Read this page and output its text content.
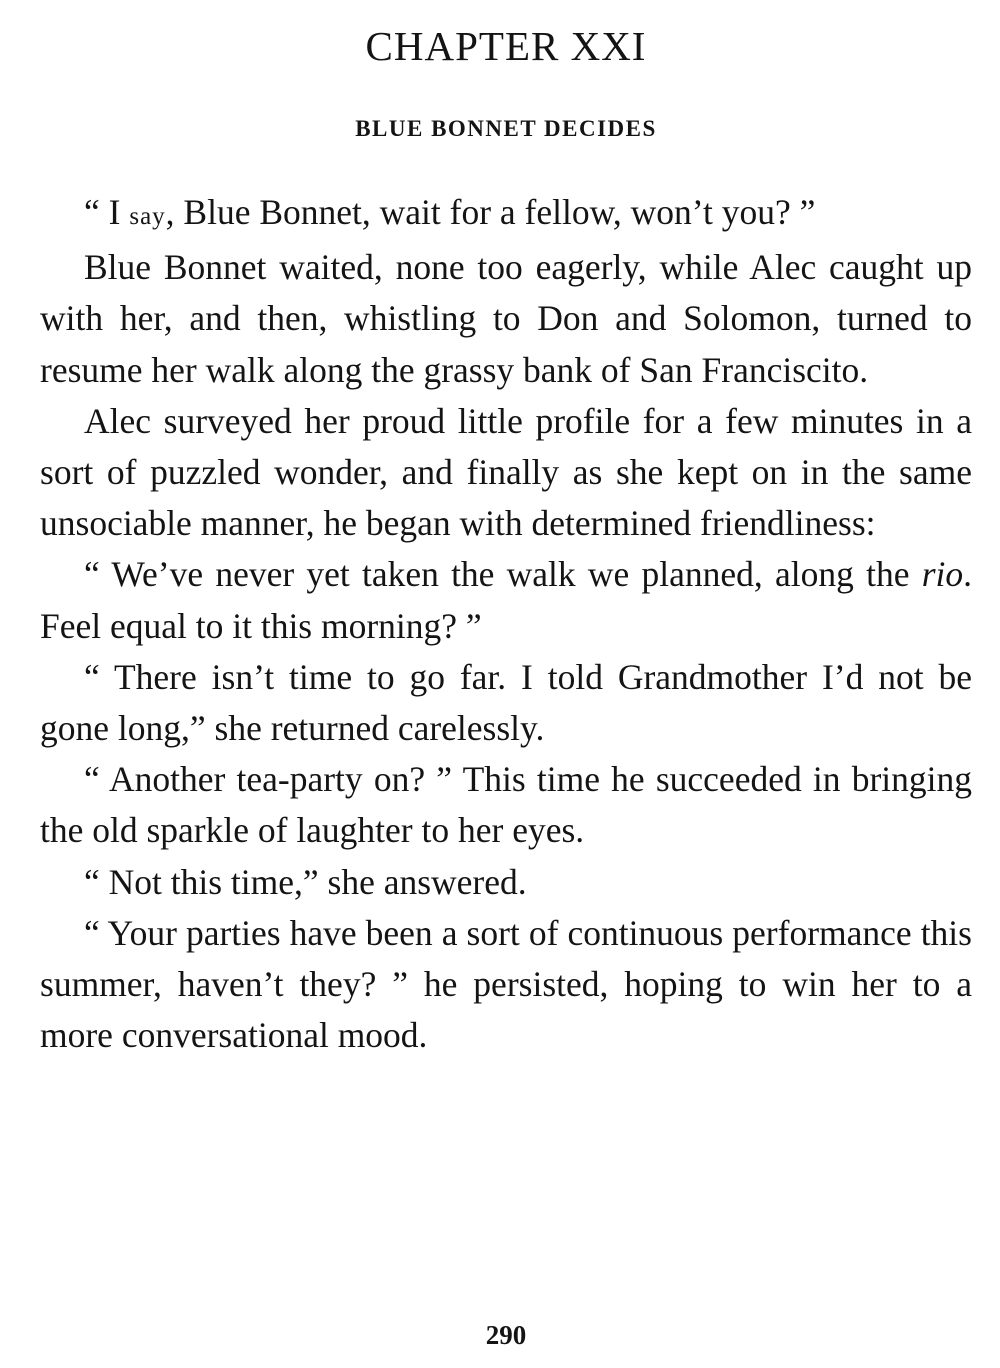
CHAPTER XXI
BLUE BONNET DECIDES

“ I say, Blue Bonnet, wait for a fellow, won’t you? ”

Blue Bonnet waited, none too eagerly, while Alec caught up with her, and then, whistling to Don and Solomon, turned to resume her walk along the grassy bank of San Franciscito.

Alec surveyed her proud little profile for a few minutes in a sort of puzzled wonder, and finally as she kept on in the same unsociable manner, he began with determined friendliness:

“ We’ve never yet taken the walk we planned, along the rio. Feel equal to it this morning? ”

“ There isn’t time to go far. I told Grandmother I’d not be gone long,” she returned carelessly.

“ Another tea-party on? ” This time he succeeded in bringing the old sparkle of laughter to her eyes.

“ Not this time,” she answered.

“ Your parties have been a sort of continuous performance this summer, haven’t they? ” he persisted, hoping to win her to a more conversational mood.

290
